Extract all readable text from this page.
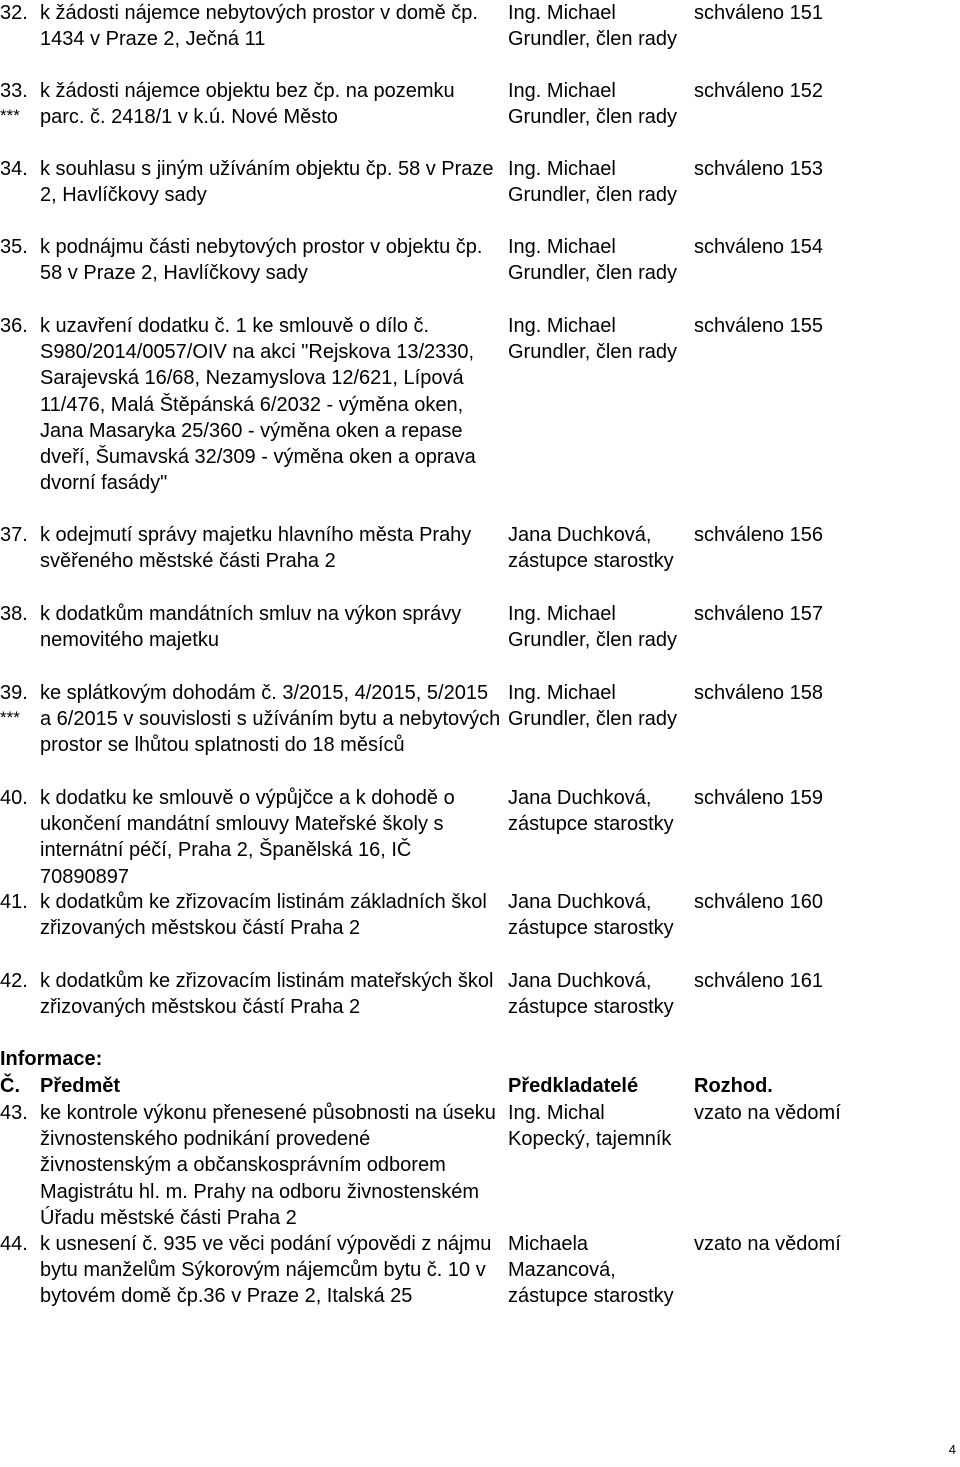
32. k žádosti nájemce nebytových prostor v domě čp. 1434 v Praze 2, Ječná 11
Ing. Michael Grundler, člen rady
schváleno 151
33.
***
k žádosti nájemce objektu bez čp. na pozemku parc. č. 2418/1 v k.ú. Nové Město
Ing. Michael Grundler, člen rady
schváleno 152
34. k souhlasu s jiným užíváním objektu čp. 58 v Praze 2, Havlíčkovy sady
Ing. Michael Grundler, člen rady
schváleno 153
35. k podnájmu části nebytových prostor v objektu čp. 58 v Praze 2, Havlíčkovy sady
Ing. Michael Grundler, člen rady
schváleno 154
36. k uzavření dodatku č. 1 ke smlouvě o dílo č. S980/2014/0057/OIV na akci "Rejskova 13/2330, Sarajevská 16/68, Nezamyslova 12/621, Lípová 11/476, Malá Štěpánská 6/2032 - výměna oken, Jana Masaryka 25/360 - výměna oken a repase dveří, Šumavská 32/309 - výměna oken a oprava dvorní fasády"
Ing. Michael Grundler, člen rady
schváleno 155
37. k odejmutí správy majetku hlavního města Prahy svěřeného městské části Praha 2
Jana Duchková, zástupce starostky
schváleno 156
38. k dodatkům mandátních smluv na výkon správy nemovitého majetku
Ing. Michael Grundler, člen rady
schváleno 157
39.
***
ke splátkovým dohodám č. 3/2015, 4/2015, 5/2015 a 6/2015 v souvislosti s užíváním bytu a nebytových prostor se lhůtou splatnosti do 18 měsíců
Ing. Michael Grundler, člen rady
schváleno 158
40. k dodatku ke smlouvě o výpůjčce a k dohodě o ukončení mandátní smlouvy Mateřské školy s internátní péčí, Praha 2, Španělská 16, IČ 70890897
Jana Duchková, zástupce starostky
schváleno 159
41. k dodatkům ke zřizovacím listinám základních škol zřizovaných městskou částí Praha 2
Jana Duchková, zástupce starostky
schváleno 160
42. k dodatkům ke zřizovacím listinám mateřských škol zřizovaných městskou částí Praha 2
Jana Duchková, zástupce starostky
schváleno 161
Informace:
Č.	Předmět	Předkladatelé	Rozhod.
43. ke kontrole výkonu přenesené působnosti na úseku živnostenského podnikání provedené živnostenským a občanskosprávním odborem Magistrátu hl. m. Prahy na odboru živnostenském Úřadu městské části Praha 2
Ing. Michal Kopecký, tajemník
vzato na vědomí
44. k usnesení č. 935 ve věci podání výpovědi z nájmu bytu manželům Sýkorovým nájemcům bytu č. 10 v bytovém domě čp.36 v Praze 2, Italská 25
Michaela Mazancová, zástupce starostky
vzato na vědomí
4
